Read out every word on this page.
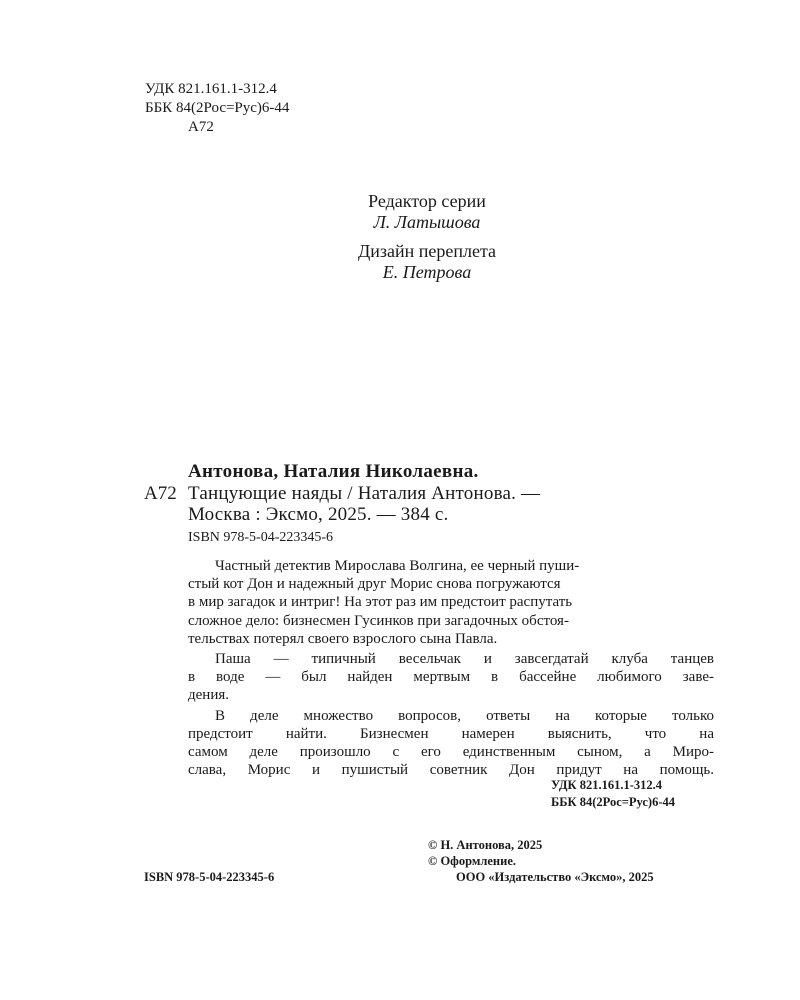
УДК 821.161.1-312.4
ББК 84(2Рос=Рус)6-44
А72
Редактор серии
Л. Латышова
Дизайн переплета
Е. Петрова
Антонова, Наталия Николаевна.
А72 Танцующие наяды / Наталия Антонова. —
Москва : Эксмо, 2025. — 384 с.
ISBN 978-5-04-223345-6

Частный детектив Мирослава Волгина, ее черный пуши-
стый кот Дон и надежный друг Морис снова погружаются
в мир загадок и интриг! На этот раз им предстоит распутать
сложное дело: бизнесмен Гусинков при загадочных обстоя-
тельствах потерял своего взрослого сына Павла.

Паша — типичный весельчак и завсегдатай клуба танцев
в воде — был найден мертвым в бассейне любимого заве-
дения.

В деле множество вопросов, ответы на которые только
предстоит найти. Бизнесмен намерен выяснить, что на
самом деле произошло с его единственным сыном, а Миро-
слава, Морис и пушистый советник Дон придут на помощь.

УДК 821.161.1-312.4
ББК 84(2Рос=Рус)6-44
© Н. Антонова, 2025
© Оформление.
ISBN 978-5-04-223345-6	ООО «Издательство «Эксмо», 2025
